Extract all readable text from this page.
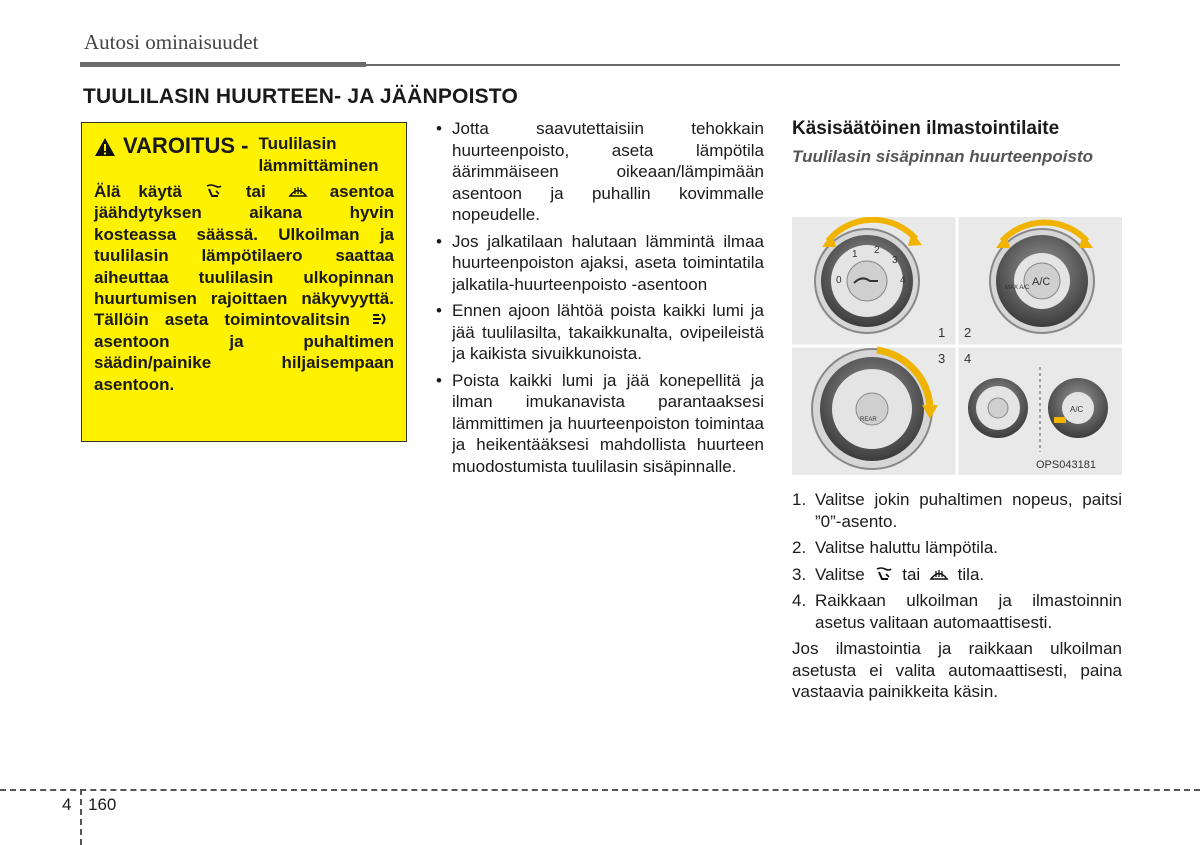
Autosi ominaisuudet
TUULILASIN HUURTEEN- JA JÄÄNPOISTO
VAROITUS - Tuulilasin lämmittäminen
Älä käytä	tai	asentoa jäähdytyksen aikana hyvin kosteassa säässä. Ulkoilman ja tuulilasin lämpötilaero saattaa aiheuttaa tuulilasin ulkopinnan huurtumisen rajoittaen näkyvyyttä. Tällöin aseta toimintovalitsin  asentoon ja puhaltimen säädin/painike hiljaisempaan asentoon.
• Jotta saavutettaisiin tehokkain huurteenpoisto, aseta lämpötila äärimmäiseen oikeaan/lämpimään asentoon ja puhallin kovimmalle nopeudelle.
• Jos jalkatilaan halutaan lämmintä ilmaa huurteenpoiston ajaksi, aseta toimintatila jalkatila-huurteenpoisto -asentoon
• Ennen ajoon lähtöä poista kaikki lumi ja jää tuulilasilta, takaikkunalta, ovipeileistä ja kaikista sivuikkunoista.
• Poista kaikki lumi ja jää konepellitä ja ilman imukanavista parantaaksesi lämmittimen ja huurteenpoiston toimintaa ja heikentääksesi mahdollista huurteen muodostumista tuulilasin sisäpinnalle.
Käsisäätöinen ilmastointilaite
Tuulilasin sisäpinnan huurteenpoisto
1 2
3
4
0	A/C
MAX A/C
1 2
3 4
REAR
A/C
OPS043181
1. Valitse jokin puhaltimen nopeus, paitsi ”0”-asento.
2. Valitse haluttu lämpötila.
3. Valitse tai tila.
4. Raikkaan ulkoilman ja ilmastoinnin asetus valitaan automaattisesti.

Jos ilmastointia ja raikkaan ulkoilman asetusta ei valita automaattisesti, paina vastaavia painikkeita käsin.

4 160
